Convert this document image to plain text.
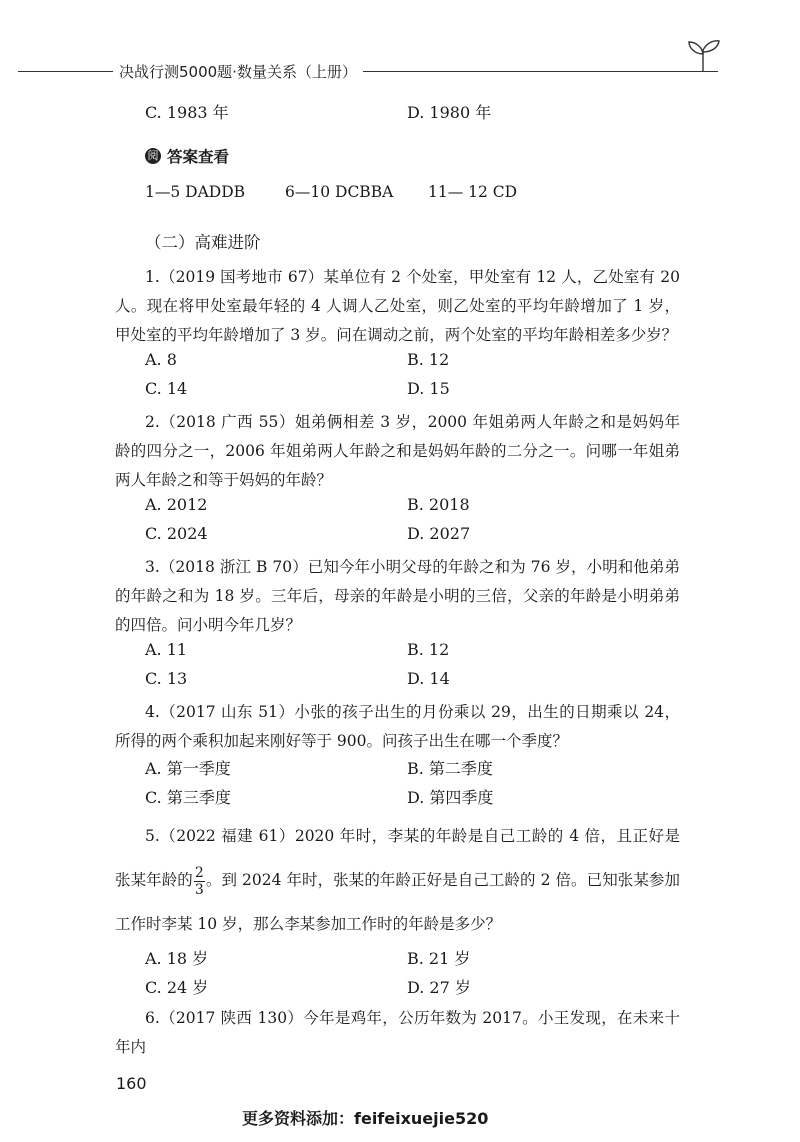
决战行测5000题·数量关系（上册）
C. 1983 年	D. 1980 年
阅 答案查看
1—5 DADDB	6—10 DCBBA 11— 12 CD
（二）高难进阶
1.（2019 国考地市 67）某单位有 2 个处室，甲处室有 12 人，乙处室有 20 人。现在将甲处室最年轻的 4 人调人乙处室，则乙处室的平均年龄增加了 1 岁，甲处室的平均年龄增加了 3 岁。问在调动之前，两个处室的平均年龄相差多少岁？
A. 8	B. 12
C. 14	D. 15
2.（2018 广西 55）姐弟俩相差 3 岁，2000 年姐弟两人年龄之和是妈妈年龄的四分之一，2006 年姐弟两人年龄之和是妈妈年龄的二分之一。问哪一年姐弟两人年龄之和等于妈妈的年龄？
A. 2012	B. 2018
C. 2024	D. 2027
3.（2018 浙江 B 70）已知今年小明父母的年龄之和为 76 岁，小明和他弟弟的年龄之和为 18 岁。三年后，母亲的年龄是小明的三倍，父亲的年龄是小明弟弟的四倍。问小明今年几岁？
A. 11	B. 12
C. 13	D. 14
4.（2017 山东 51）小张的孩子出生的月份乘以 29，出生的日期乘以 24，所得的两个乘积加起来刚好等于 900。问孩子出生在哪一个季度？
A. 第一季度	B. 第二季度
C. 第三季度	D. 第四季度
5.（2022 福建 61）2020 年时，李某的年龄是自己工龄的 4 倍，且正好是张某年龄的 $\frac{2}{3}$ 。到 2024 年时，张某的年龄正好是自己工龄的 2 倍。已知张某参加工作时李某 10 岁，那么李某参加工作时的年龄是多少？
A. 18 岁	B. 21 岁
C. 24 岁	D. 27 岁
6.（2017 陕西 130）今年是鸡年，公历年数为 2017。小王发现，在未来十年内
160
更多资料添加：feifeixuejie520
